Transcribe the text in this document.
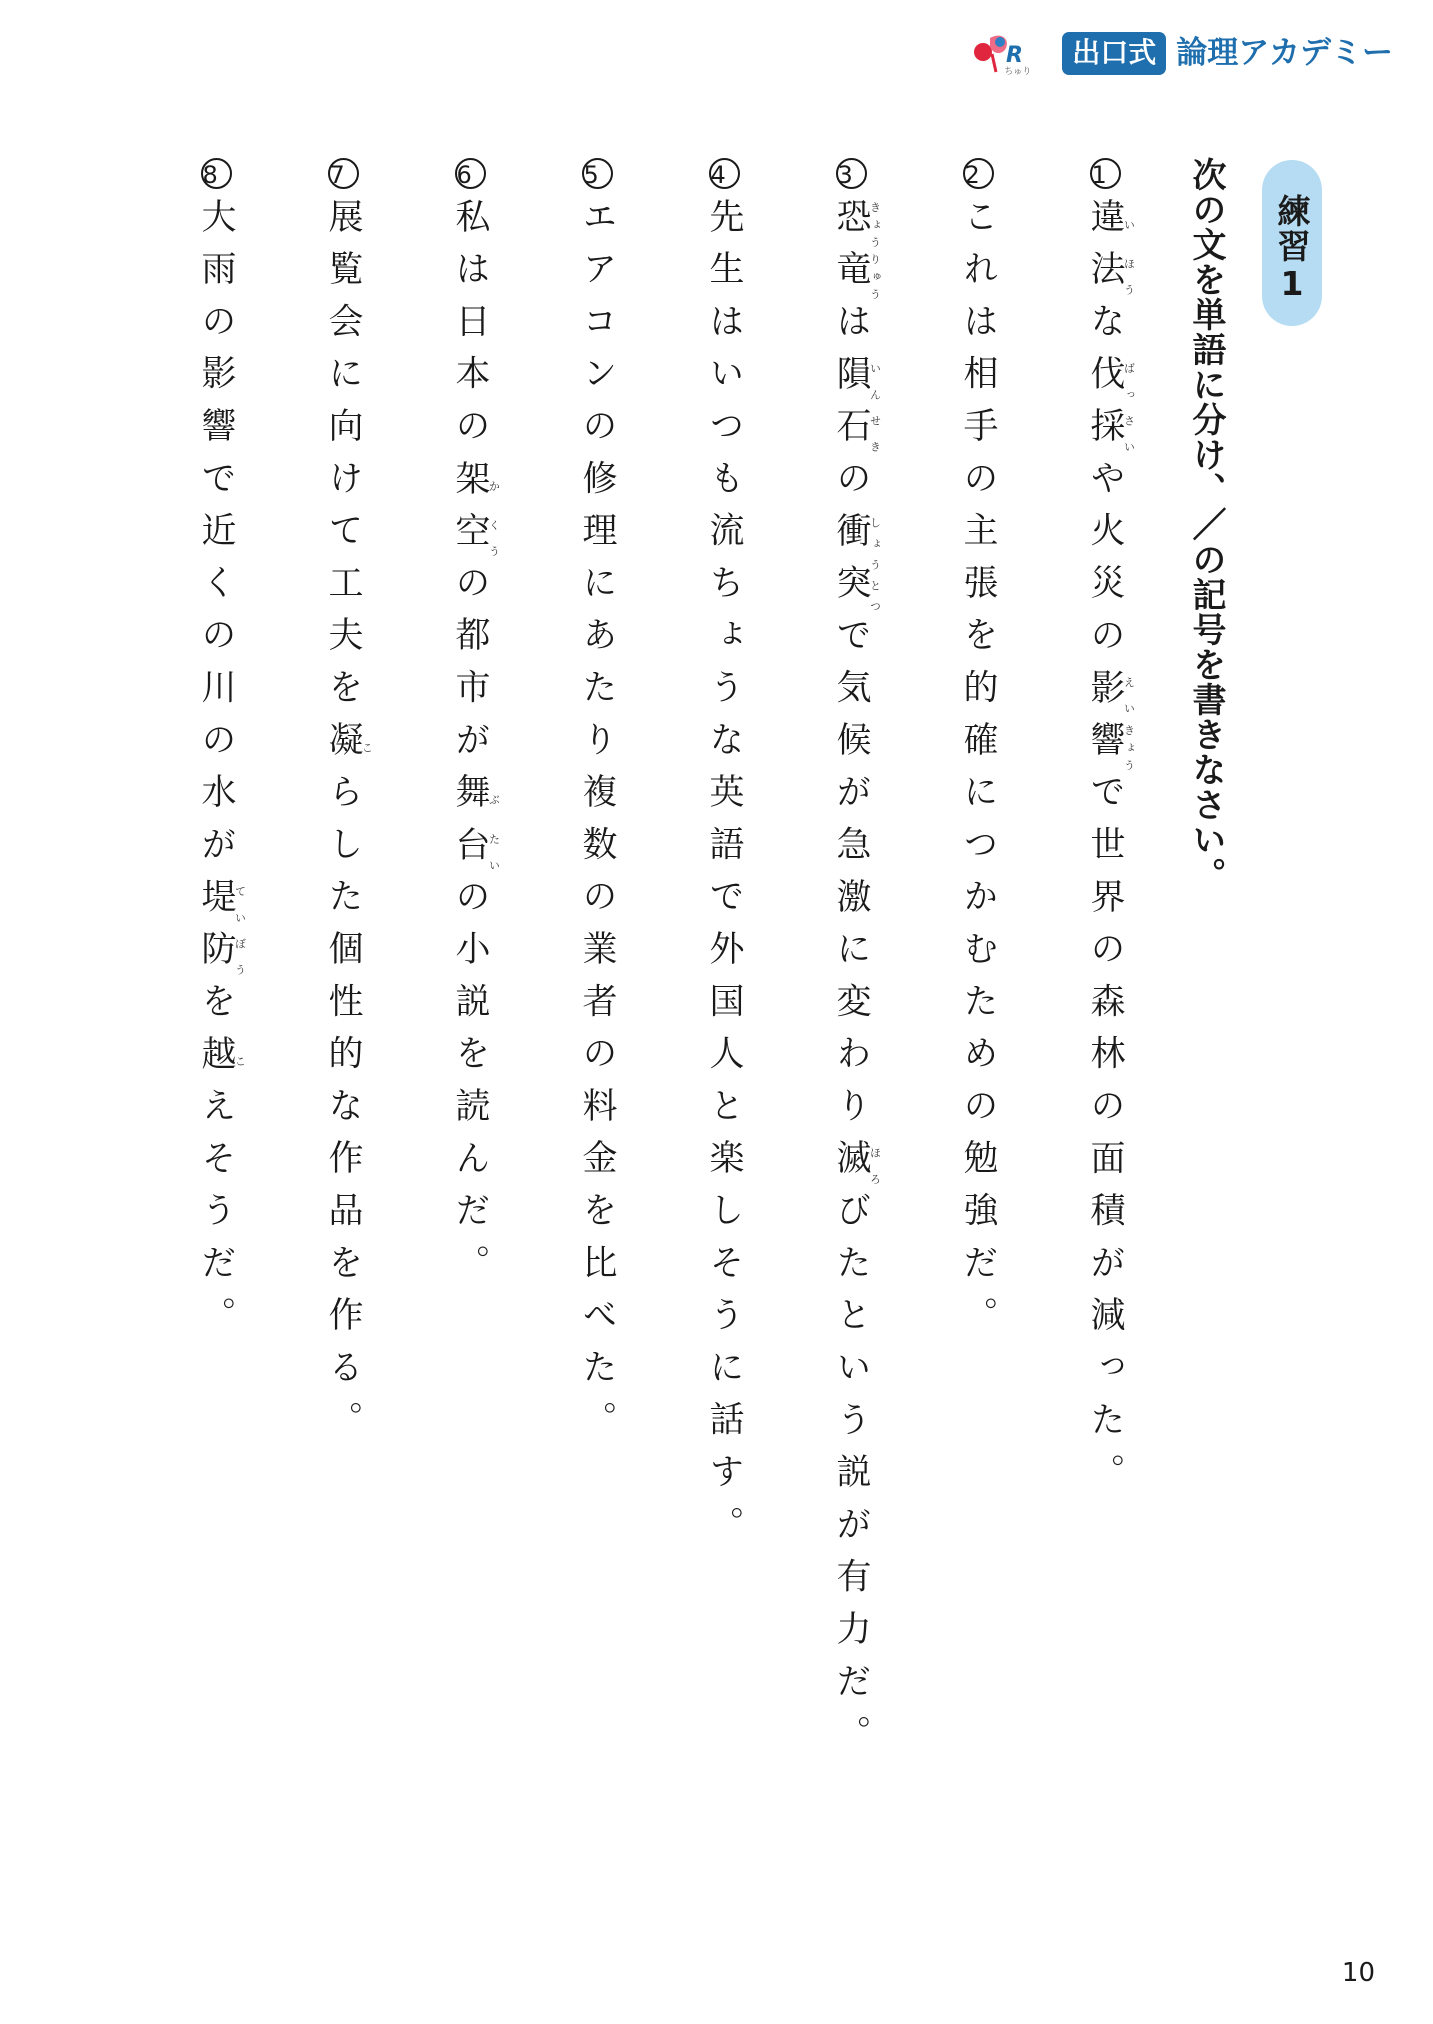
R
ちゅり
出口式 論理アカデミー
練習1
次の文を単語に分け、／の記号を書きなさい。
1違い法ほうな伐ばっ採さいや火災の影えい響きょうで世界の森林の面積が減った。
2これは相手の主張を的確につかむための勉強だ。
3恐竜きょうりゅうは隕いん石せきの衝突しょうとつで気候が急激に変わり滅ほろびたという説が有力だ。
4先生はいつも流ちょうな英語で外国人と楽しそうに話す。
5エアコンの修理にあたり複数の業者の料金を比べた。
6私は日本の架か空くうの都市が舞ぶ台たいの小説を読んだ。
7展覧会に向けて工夫を凝こらした個性的な作品を作る。
8大雨の影響で近くの川の水が堤てい防ぼうを越こえそうだ。
10
